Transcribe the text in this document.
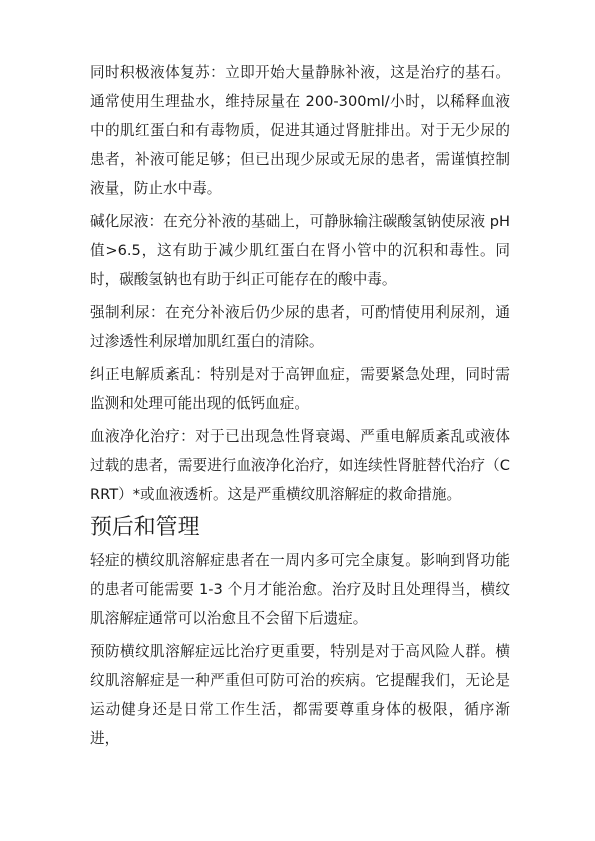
同时积极液体复苏：立即开始大量静脉补液，这是治疗的基石。通常使用生理盐水，维持尿量在 200-300ml/小时，以稀释血液中的肌红蛋白和有毒物质，促进其通过肾脏排出。对于无少尿的患者，补液可能足够；但已出现少尿或无尿的患者，需谨慎控制液量，防止水中毒。

碱化尿液：在充分补液的基础上，可静脉输注碳酸氢钠使尿液 pH 值>6.5，这有助于减少肌红蛋白在肾小管中的沉积和毒性。同时，碳酸氢钠也有助于纠正可能存在的酸中毒。

强制利尿：在充分补液后仍少尿的患者，可酌情使用利尿剂，通过渗透性利尿增加肌红蛋白的清除。

纠正电解质紊乱：特别是对于高钾血症，需要紧急处理，同时需监测和处理可能出现的低钙血症。

血液净化治疗：对于已出现急性肾衰竭、严重电解质紊乱或液体过载的患者，需要进行血液净化治疗，如连续性肾脏替代治疗（CRRT）*或血液透析。这是严重横纹肌溶解症的救命措施。

预后和管理

轻症的横纹肌溶解症患者在一周内多可完全康复。影响到肾功能的患者可能需要 1-3 个月才能治愈。治疗及时且处理得当，横纹肌溶解症通常可以治愈且不会留下后遗症。

预防横纹肌溶解症远比治疗更重要，特别是对于高风险人群。横纹肌溶解症是一种严重但可防可治的疾病。它提醒我们，无论是运动健身还是日常工作生活，都需要尊重身体的极限，循序渐进，
